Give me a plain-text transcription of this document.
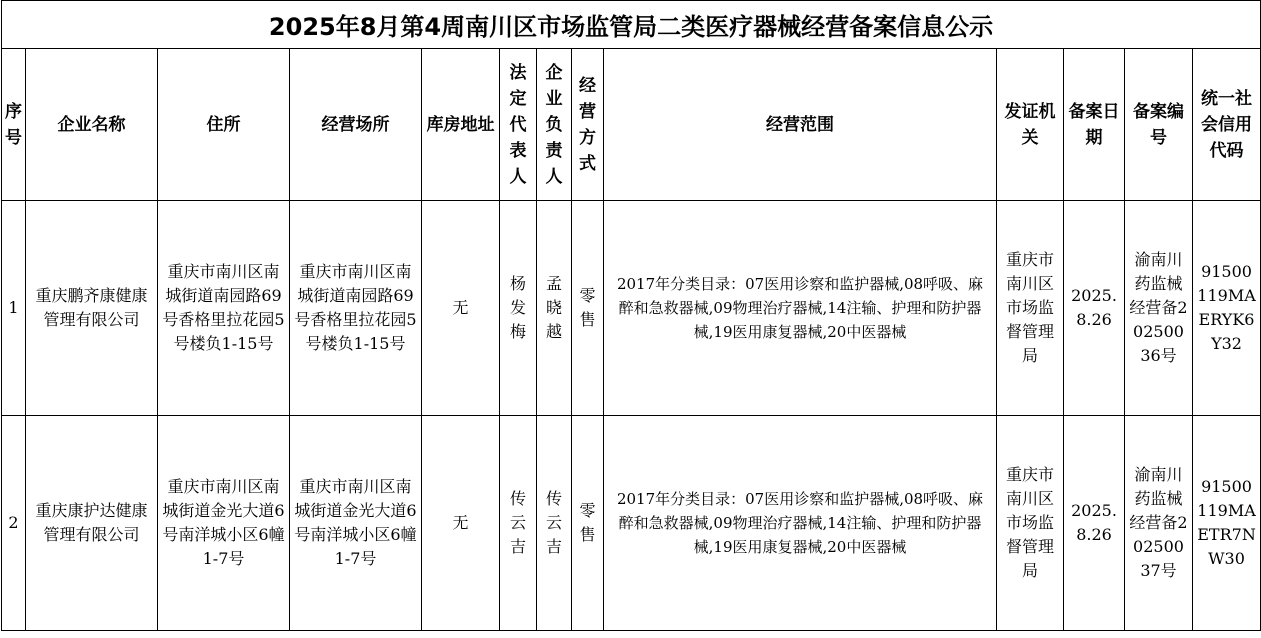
2025年8月第4周南川区市场监管局二类医疗器械经营备案信息公示												
序号	企业名称	住所	经营场所	库房地址	法定代表人	企业负责人	经营方式	经营范围	发证机关	备案日期	备案编号	统一社会信用代码
1	重庆鹏齐康健康管理有限公司	重庆市南川区南城街道南园路69号香格里拉花园5号楼负1-15号	重庆市南川区南城街道南园路69号香格里拉花园5号楼负1-15号	无	杨发梅	孟晓越	零售	2017年分类目录：07医用诊察和监护器械,08呼吸、麻醉和急救器械,09物理治疗器械,14注输、护理和防护器械,19医用康复器械,20中医器械	重庆市南川区市场监督管理局	2025.8.26	渝南川药监械经营备20250036号	91500119MAERYK6Y32
2	重庆康护达健康管理有限公司	重庆市南川区南城街道金光大道6号南洋城小区6幢1-7号	重庆市南川区南城街道金光大道6号南洋城小区6幢1-7号	无	传云吉	传云吉	零售	2017年分类目录：07医用诊察和监护器械,08呼吸、麻醉和急救器械,09物理治疗器械,14注输、护理和防护器械,19医用康复器械,20中医器械	重庆市南川区市场监督管理局	2025.8.26	渝南川药监械经营备20250037号	91500119MAETR7NW30
